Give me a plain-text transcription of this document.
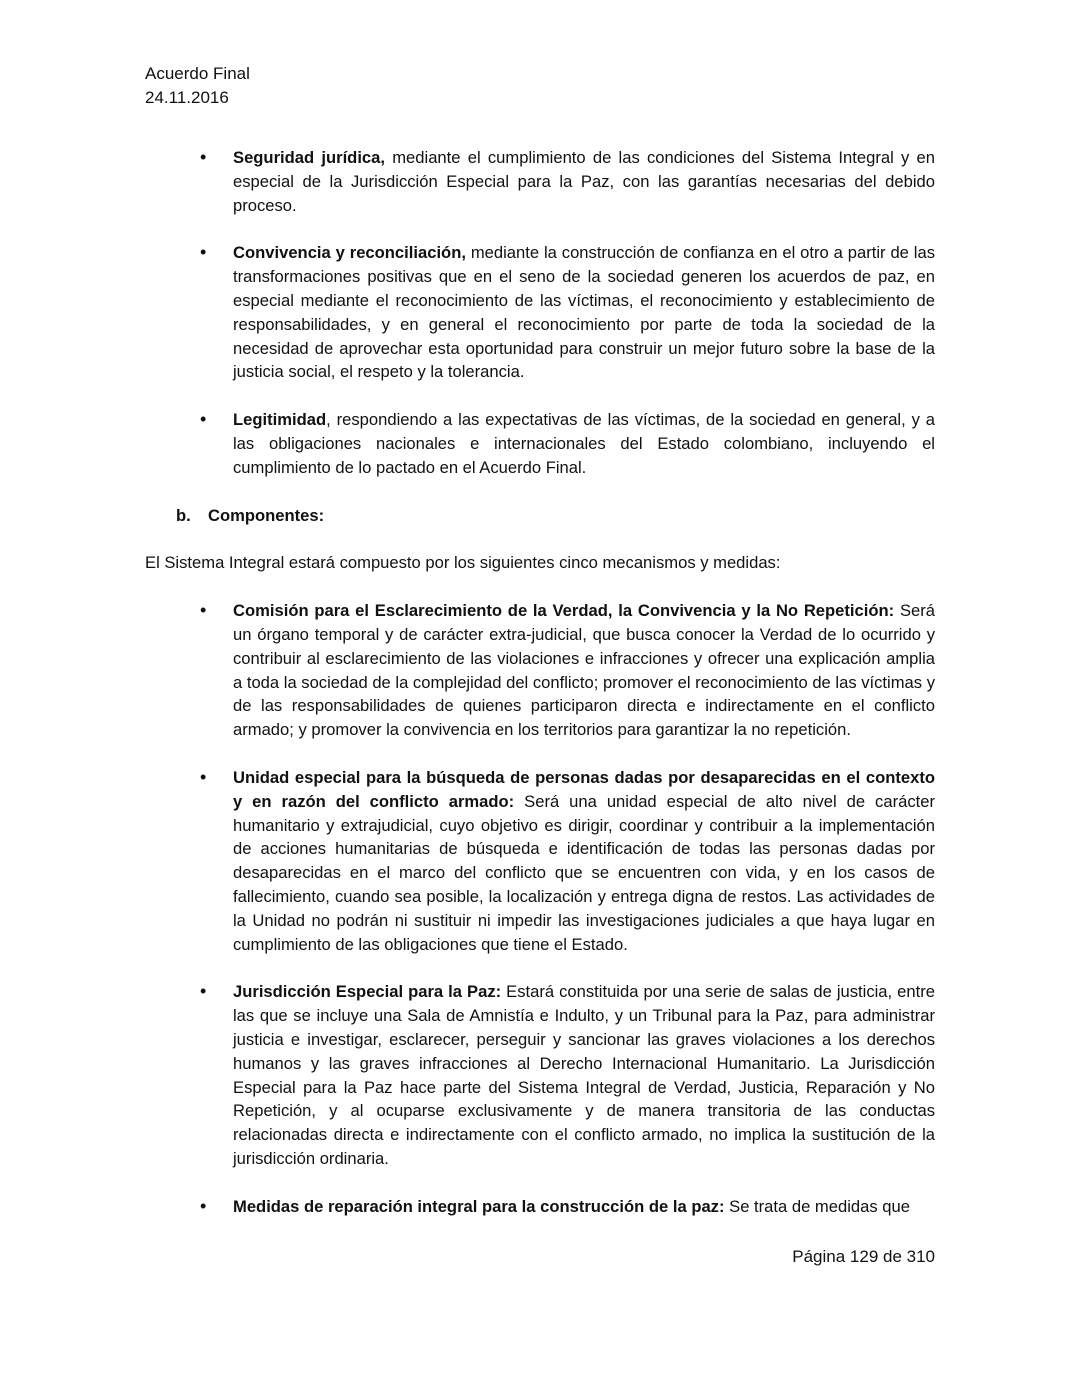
Acuerdo Final
24.11.2016
• Seguridad jurídica, mediante el cumplimiento de las condiciones del Sistema Integral y en especial de la Jurisdicción Especial para la Paz, con las garantías necesarias del debido proceso.
• Convivencia y reconciliación, mediante la construcción de confianza en el otro a partir de las transformaciones positivas que en el seno de la sociedad generen los acuerdos de paz, en especial mediante el reconocimiento de las víctimas, el reconocimiento y establecimiento de responsabilidades, y en general el reconocimiento por parte de toda la sociedad de la necesidad de aprovechar esta oportunidad para construir un mejor futuro sobre la base de la justicia social, el respeto y la tolerancia.
• Legitimidad, respondiendo a las expectativas de las víctimas, de la sociedad en general, y a las obligaciones nacionales e internacionales del Estado colombiano, incluyendo el cumplimiento de lo pactado en el Acuerdo Final.
b. Componentes:
El Sistema Integral estará compuesto por los siguientes cinco mecanismos y medidas:
• Comisión para el Esclarecimiento de la Verdad, la Convivencia y la No Repetición: Será un órgano temporal y de carácter extra-judicial, que busca conocer la Verdad de lo ocurrido y contribuir al esclarecimiento de las violaciones e infracciones y ofrecer una explicación amplia a toda la sociedad de la complejidad del conflicto; promover el reconocimiento de las víctimas y de las responsabilidades de quienes participaron directa e indirectamente en el conflicto armado; y promover la convivencia en los territorios para garantizar la no repetición.
• Unidad especial para la búsqueda de personas dadas por desaparecidas en el contexto y en razón del conflicto armado: Será una unidad especial de alto nivel de carácter humanitario y extrajudicial, cuyo objetivo es dirigir, coordinar y contribuir a la implementación de acciones humanitarias de búsqueda e identificación de todas las personas dadas por desaparecidas en el marco del conflicto que se encuentren con vida, y en los casos de fallecimiento, cuando sea posible, la localización y entrega digna de restos. Las actividades de la Unidad no podrán ni sustituir ni impedir las investigaciones judiciales a que haya lugar en cumplimiento de las obligaciones que tiene el Estado.
• Jurisdicción Especial para la Paz: Estará constituida por una serie de salas de justicia, entre las que se incluye una Sala de Amnistía e Indulto, y un Tribunal para la Paz, para administrar justicia e investigar, esclarecer, perseguir y sancionar las graves violaciones a los derechos humanos y las graves infracciones al Derecho Internacional Humanitario. La Jurisdicción Especial para la Paz hace parte del Sistema Integral de Verdad, Justicia, Reparación y No Repetición, y al ocuparse exclusivamente y de manera transitoria de las conductas relacionadas directa e indirectamente con el conflicto armado, no implica la sustitución de la jurisdicción ordinaria.
• Medidas de reparación integral para la construcción de la paz: Se trata de medidas que
Página 129 de 310
